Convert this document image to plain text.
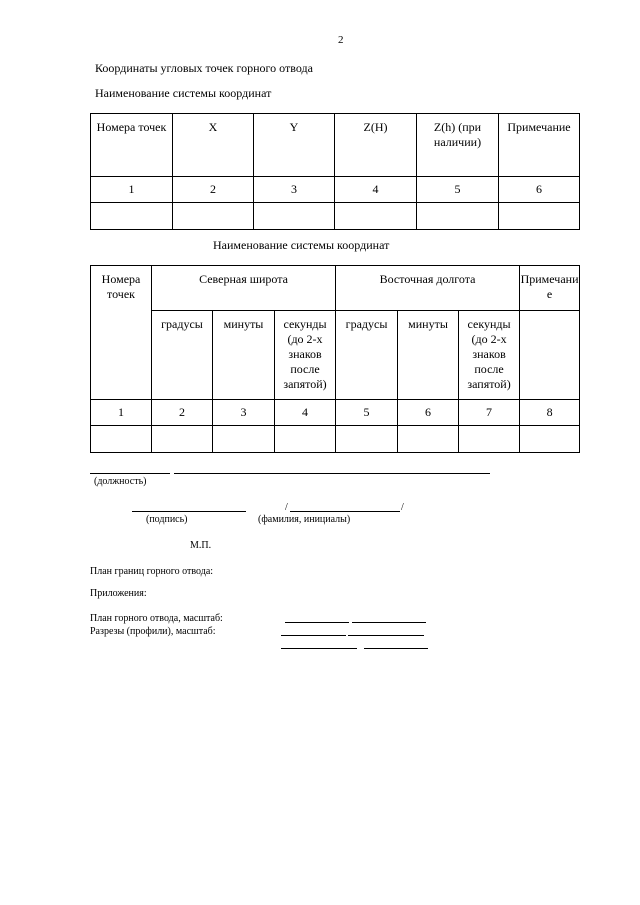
2
Координаты угловых точек горного отвода
Наименование системы координат
Номера точек	X	Y	Z(H)	Z(h) (при наличии)	Примечание
1	2	3	4	5	6

Наименование системы координат
Номера точек	Северная широта			Восточная долгота			Примечание
	градусы	минуты	секунды (до 2-х знаков после запятой)	градусы	минуты	секунды (до 2-х знаков после запятой)	
1	2	3	4	5	6	7	8

(должность)
/	/
(подпись)	(фамилия, инициалы)
М.П.
План границ горного отвода:
Приложения:
План горного отвода, масштаб:
Разрезы (профили), масштаб:
